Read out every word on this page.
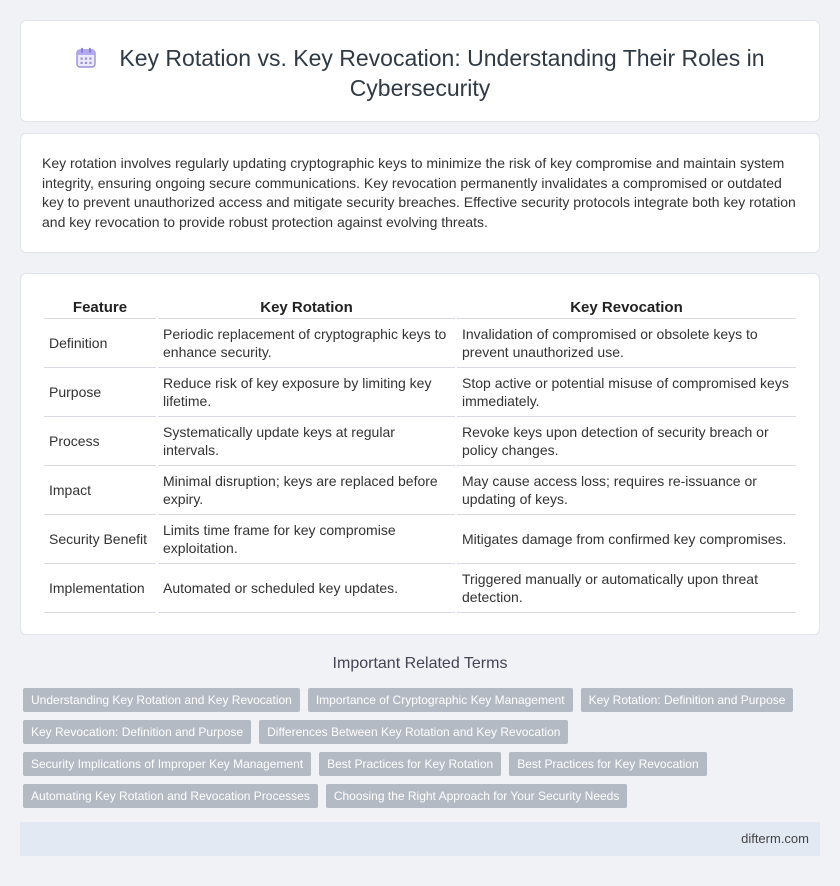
Key Rotation vs. Key Revocation: Understanding Their Roles in
Cybersecurity

Key rotation involves regularly updating cryptographic keys to minimize the risk of key compromise and maintain system integrity, ensuring ongoing secure communications. Key revocation permanently invalidates a compromised or outdated key to prevent unauthorized access and mitigate security breaches. Effective security protocols integrate both key rotation and key revocation to provide robust protection against evolving threats.

Feature	Key Rotation	Key Revocation
Definition	Periodic replacement of cryptographic keys to enhance security.	Invalidation of compromised or obsolete keys to prevent unauthorized use.
Purpose	Reduce risk of key exposure by limiting key lifetime.	Stop active or potential misuse of compromised keys immediately.
Process	Systematically update keys at regular intervals.	Revoke keys upon detection of security breach or policy changes.
Impact	Minimal disruption; keys are replaced before expiry.	May cause access loss; requires re-issuance or updating of keys.
Security Benefit	Limits time frame for key compromise exploitation.	Mitigates damage from confirmed key compromises.
Implementation	Automated or scheduled key updates.	Triggered manually or automatically upon threat detection.
Important Related Terms
Understanding Key Rotation and Key Revocation	Importance of Cryptographic Key Management	Key Rotation: Definition and Purpose
Key Revocation: Definition and Purpose	Differences Between Key Rotation and Key Revocation
Security Implications of Improper Key Management	Best Practices for Key Rotation	Best Practices for Key Revocation
Automating Key Rotation and Revocation Processes	Choosing the Right Approach for Your Security Needs
difterm.com
